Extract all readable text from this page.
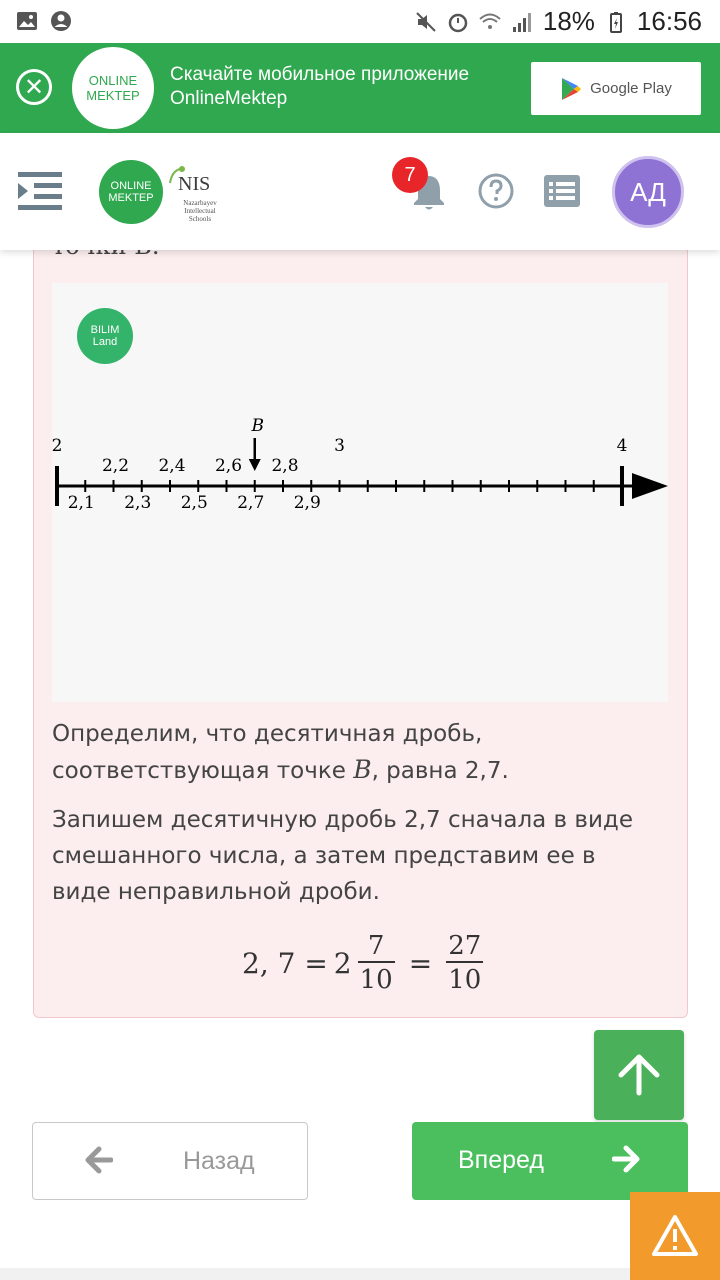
18% 16:56
✕	ONLINE
MEKTEP
Скачайте мобильное приложение
OnlineMektep	Google Play
ONLINE
MEKTEP
NIS
Nazarbayev Intellectual Schools
7
АД
BILIM
Land
2	3	4
2,2 2,4 2,6 2,8
2,1 2,3 2,5 2,7 2,9
B
Определим, что десятичная дробь,
соответствующая точке B, равна 2,7.
Запишем десятичную дробь 2,7 сначала в виде
смешанного числа, а затем представим ее в
виде неправильной дроби.
2, $7 = 2 \frac{7}{10} = \frac{27}{10}$
Назад	Вперед
